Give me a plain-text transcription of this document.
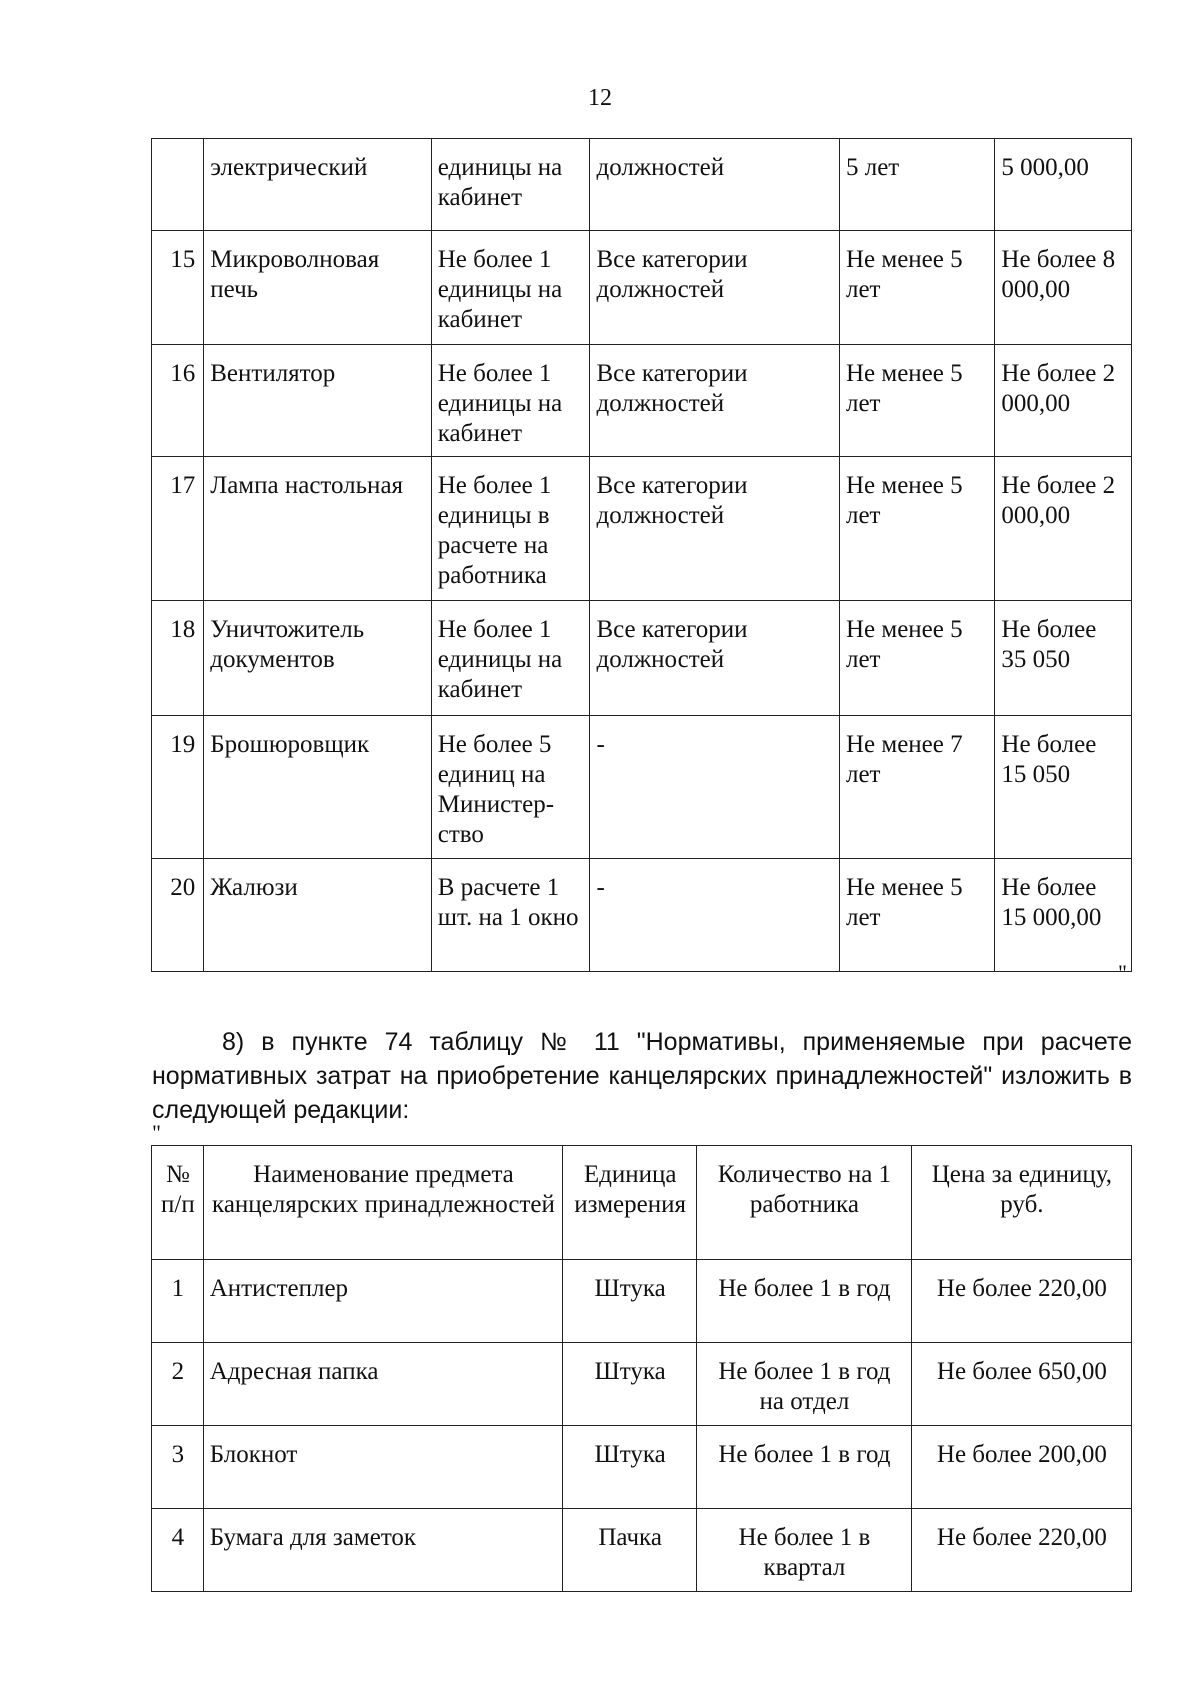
12
	электрический	единицы на кабинет	должностей	5 лет	5 000,00
15	Микроволновая печь	Не более 1 единицы на кабинет	Все категории должностей	Не менее 5 лет	Не более 8 000,00
16	Вентилятор	Не более 1 единицы на кабинет	Все категории должностей	Не менее 5 лет	Не более 2 000,00
17	Лампа настольная	Не более 1 единицы в расчете на работника	Все категории должностей	Не менее 5 лет	Не более 2 000,00
18	Уничтожитель документов	Не более 1 единицы на кабинет	Все категории должностей	Не менее 5 лет	Не более 35 050
19	Брошюровщик	Не более 5 единиц на Министер-ство	-	Не менее 7 лет	Не более 15 050
20	Жалюзи	В расчете 1 шт. на 1 окно	-	Не менее 5 лет	Не более 15 000,00
"

8) в пункте 74 таблицу № 11 "Нормативы, применяемые при расчете нормативных затрат на приобретение канцелярских принадлежностей" изложить в следующей редакции:

"
№ п/п	Наименование предмета канцелярских принадлежностей	Единица измерения	Количество на 1 работника	Цена за единицу, руб.
1	Антистеплер	Штука	Не более 1 в год	Не более 220,00
2	Адресная папка	Штука	Не более 1 в год на отдел	Не более 650,00
3	Блокнот	Штука	Не более 1 в год	Не более 200,00
4	Бумага для заметок	Пачка	Не более 1 в квартал	Не более 220,00
